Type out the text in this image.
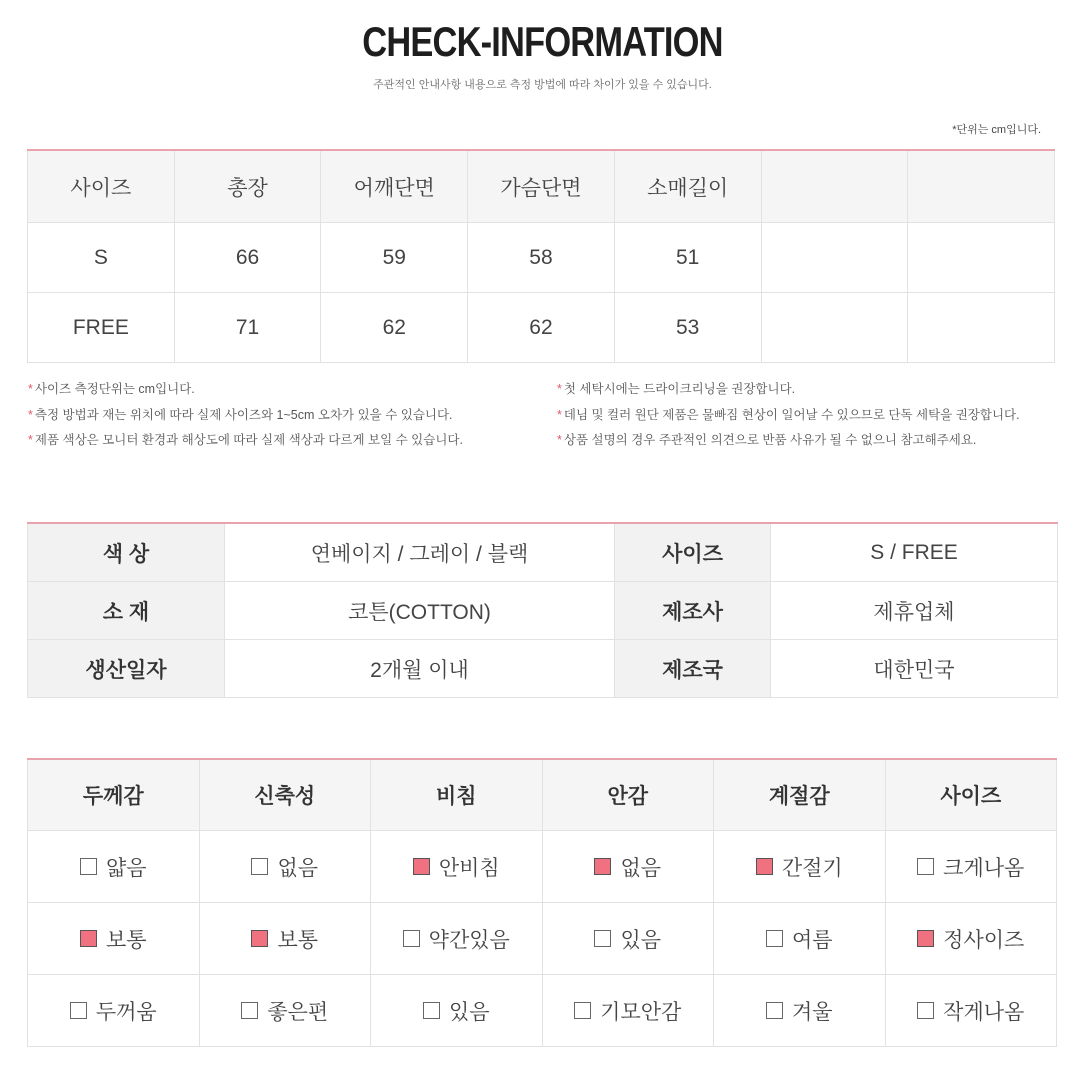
CHECK-INFORMATION
주관적인 안내사항 내용으로 측정 방법에 따라 차이가 있을 수 있습니다.
*단위는 cm입니다.
사이즈	총장	어깨단면	가슴단면	소매길이		
S	66	59	58	51		
FREE	71	62	62	53		
* 사이즈 측정단위는 cm입니다.
* 측정 방법과 재는 위치에 따라 실제 사이즈와 1~5cm 오차가 있을 수 있습니다.
* 제품 색상은 모니터 환경과 해상도에 따라 실제 색상과 다르게 보일 수 있습니다.
* 첫 세탁시에는 드라이크리닝을 권장합니다.
* 데님 및 컬러 원단 제품은 물빠짐 현상이 일어날 수 있으므로 단독 세탁을 권장합니다.
* 상품 설명의 경우 주관적인 의견으로 반품 사유가 될 수 없으니 참고해주세요.
색 상	연베이지 / 그레이 / 블랙	사이즈	S / FREE
소 재	코튼(COTTON)	제조사	제휴업체
생산일자	2개월 이내	제조국	대한민국
두께감	신축성	비침	안감	계절감	사이즈

얇음	없음	안비침	없음	간절기	크게나옴

보통	보통	약간있음	있음	여름	정사이즈

두꺼움	좋은편	있음	기모안감	겨울	작게나옴
